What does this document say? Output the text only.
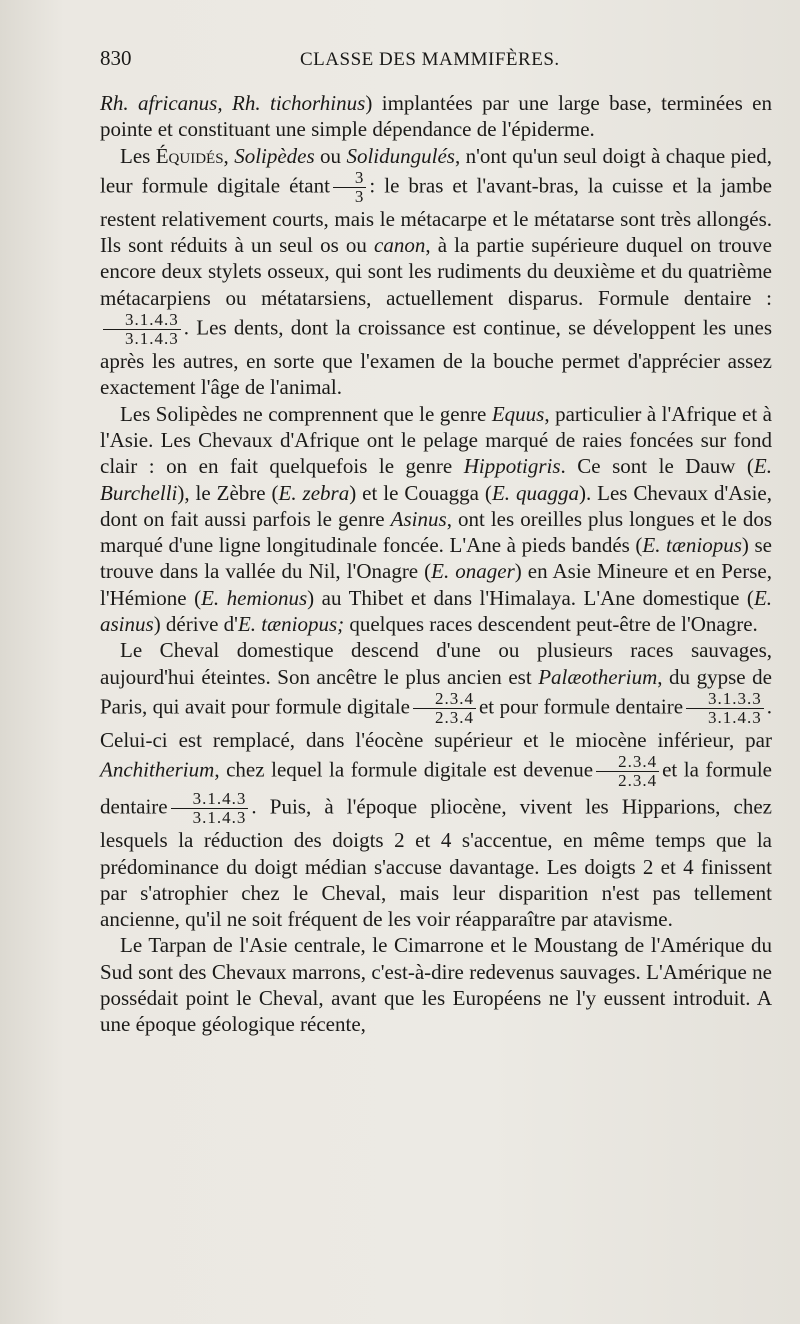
830	CLASSE DES MAMMIFÈRES.

Rh. africanus, Rh. tichorhinus) implantées par une large base, terminées en pointe et constituant une simple dépendance de l'épiderme.

Les Équidés, Solipèdes ou Solidungulés, n'ont qu'un seul doigt à chaque pied, leur formule digitale étant $\frac{3}{3}$ : le bras et l'avant-bras, la cuisse et la jambe restent relativement courts, mais le métacarpe et le métatarse sont très allongés. Ils sont réduits à un seul os ou canon, à la partie supérieure duquel on trouve encore deux stylets osseux, qui sont les rudiments du deuxième et du quatrième métacarpiens ou métatarsiens, actuellement disparus. Formule dentaire :
$\frac{3.1.4.3}{3.1.4.3}$ . Les dents, dont la croissance est continue, se développent les unes après les autres, en sorte que l'examen de la bouche permet d'apprécier assez exactement l'âge de l'animal.

Les Solipèdes ne comprennent que le genre Equus, particulier à l'Afrique et à l'Asie. Les Chevaux d'Afrique ont le pelage marqué de raies foncées sur fond clair : on en fait quelquefois le genre Hippotigris. Ce sont le Dauw (E. Burchelli), le Zèbre (E. zebra) et le Couagga (E. quagga). Les Chevaux d'Asie, dont on fait aussi parfois le genre Asinus, ont les oreilles plus longues et le dos marqué d'une ligne longitudinale foncée. L'Ane à pieds bandés (E. tæniopus) se trouve dans la vallée du Nil, l'Onagre (E. onager) en Asie Mineure et en Perse, l'Hémione (E. hemionus) au Thibet et dans l'Himalaya. L'Ane domestique (E. asinus) dérive d'E. tæniopus; quelques races descendent peut-être de l'Onagre.

Le Cheval domestique descend d'une ou plusieurs races sauvages, aujourd'hui éteintes. Son ancêtre le plus ancien est Palæotherium, du gypse de Paris, qui avait pour formule digitale $\frac{2.3.4}{2.3.4}$ et pour formule dentaire $\frac{3.1.3.3}{3.1.4.3}$ . Celui-ci est remplacé, dans l'éocène supérieur et le miocène inférieur, par Anchitherium, chez lequel la formule digitale est devenue $\frac{2.3.4}{2.3.4}$ et la formule dentaire $\frac{3.1.4.3}{3.1.4.3}$ . Puis, à l'époque pliocène, vivent les Hipparions, chez lesquels la réduction des doigts 2 et 4 s'accentue, en même temps que la prédominance du doigt médian s'accuse davantage. Les doigts 2 et 4 finissent par s'atrophier chez le Cheval, mais leur disparition n'est pas tellement ancienne, qu'il ne soit fréquent de les voir réapparaître par atavisme.

Le Tarpan de l'Asie centrale, le Cimarrone et le Moustang de l'Amérique du Sud sont des Chevaux marrons, c'est-à-dire redevenus sauvages. L'Amérique ne possédait point le Cheval, avant que les Européens ne l'y eussent introduit. A une époque géologique récente,
